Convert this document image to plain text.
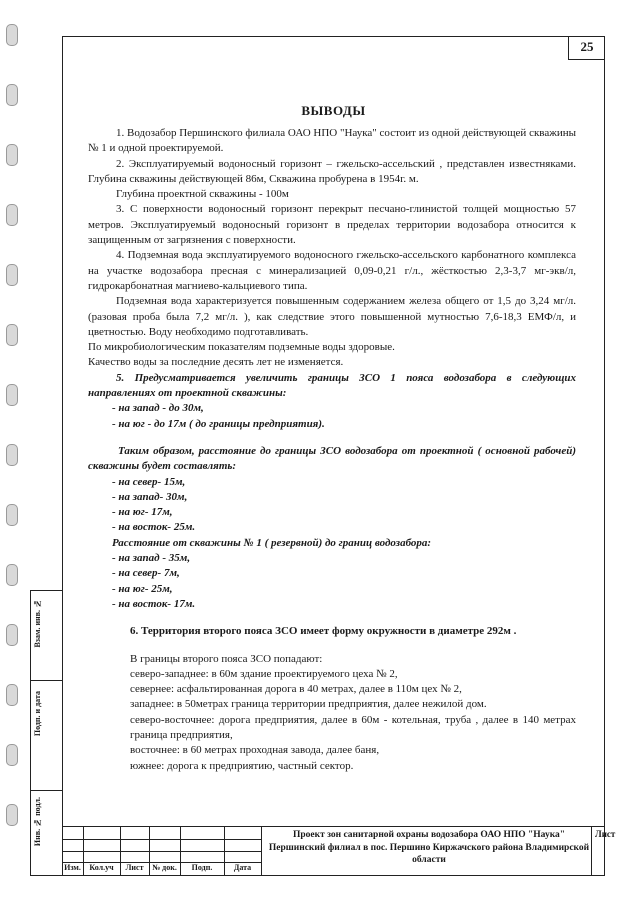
Взам. инв. №
Подп. и дата
Инв. № подл.
25
ВЫВОДЫ

1. Водозабор Першинского филиала ОАО НПО "Наука" состоит из одной действующей скважины № 1 и одной проектируемой.

2. Эксплуатируемый водоносный горизонт – гжельско-ассельский , представлен известняками. Глубина скважины действующей 86м, Скважина пробурена в 1954г. м.

Глубина проектной скважины - 100м

3. С поверхности водоносный горизонт перекрыт песчано-глинистой толщей мощностью 57 метров. Эксплуатируемый водоносный горизонт в пределах территории водозабора относится к защищенным от загрязнения с поверхности.

4. Подземная вода эксплуатируемого водоносного гжельско-ассельского карбонатного комплекса на участке водозабора пресная с минерализацией 0,09-0,21 г/л., жёсткостью 2,3-3,7 мг-экв/л, гидрокарбонатная магниево-кальциевого типа.

Подземная вода характеризуется повышенным содержанием железа общего от 1,5 до 3,24 мг/л. (разовая проба была 7,2 мг/л. ), как следствие этого повышенной мутностью 7,6-18,3 ЕМФ/л, и цветностью. Воду необходимо подготавливать.

По микробиологическим показателям подземные воды здоровые.

Качество воды за последние десять лет не изменяется.

5. Предусматривается увеличить границы ЗСО 1 пояса водозабора в следующих направлениях от проектной скважины:

- на запад - до 30м,

- на юг - до 17м ( до границы предприятия).

Таким образом, расстояние до границы ЗСО водозабора от проектной ( основной рабочей) скважины будет составлять:

- на север- 15м,

- на запад- 30м,

- на юг- 17м,

- на восток- 25м.

Расстояние от скважины № 1 ( резервной) до границ водозабора:

- на запад - 35м,

- на север- 7м,

- на юг- 25м,

- на восток- 17м.

6. Территория второго пояса ЗСО имеет форму окружности в диаметре 292м .

В границы второго пояса ЗСО попадают:

северо-западнее: в 60м здание проектируемого цеха № 2,

севернее: асфальтированная дорога в 40 метрах, далее в 110м цех № 2,

западнее: в 50метрах граница территории предприятия, далее нежилой дом.

северо-восточнее: дорога предприятия, далее в 60м - котельная, труба , далее в 140 метрах граница предприятия,

восточнее: в 60 метрах проходная завода, далее баня,

южнее: дорога к предприятию, частный сектор.

Изм.	Кол.уч	Лист	№ док.	Подп.	Дата
Проект зон санитарной охраны водозабора ОАО НПО "Наука" Першинский филиал в пос. Першино Киржачского района Владимирской области
Лист
